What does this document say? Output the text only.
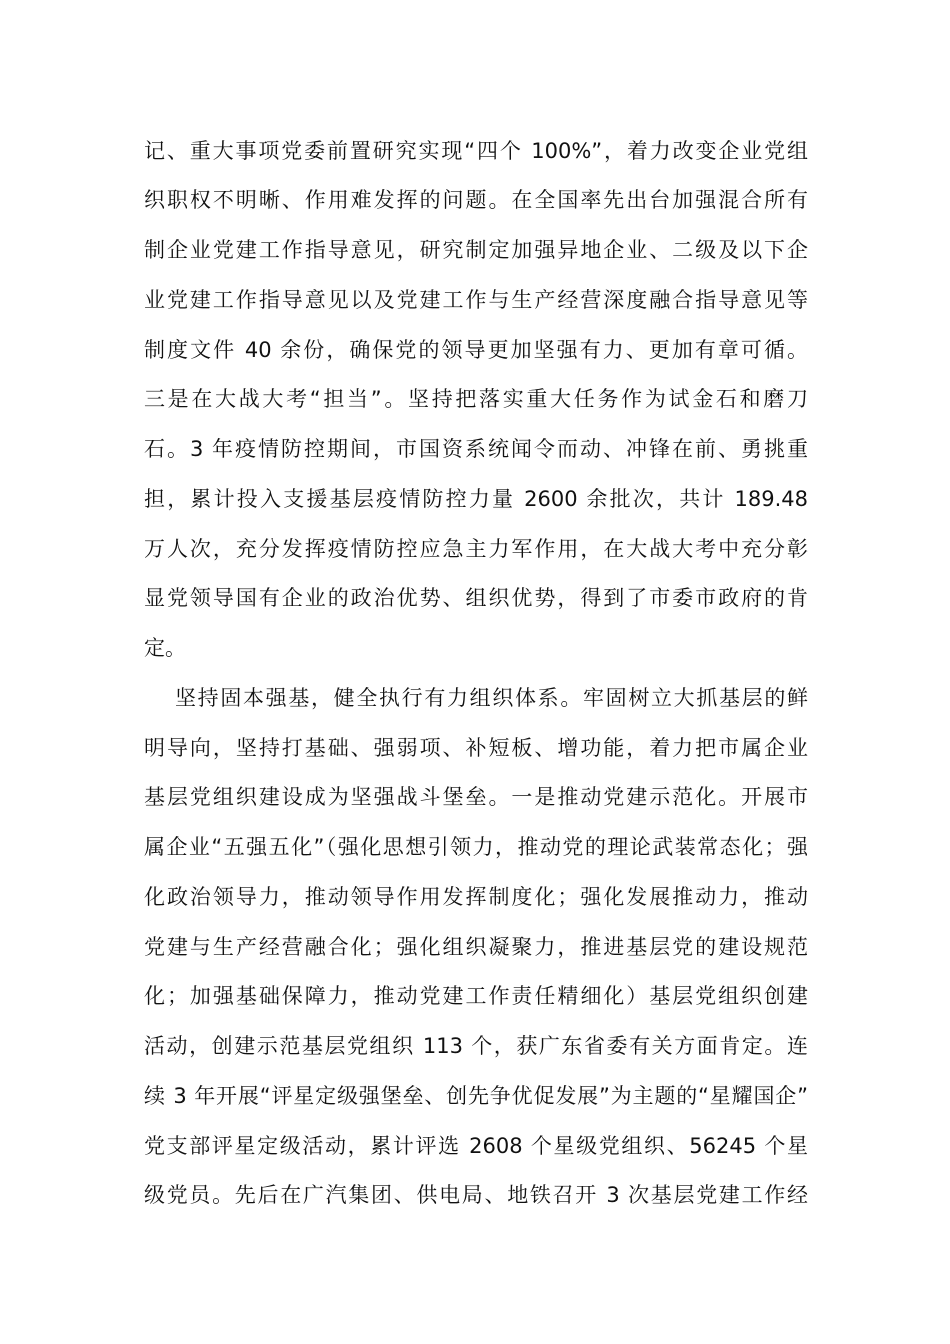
记、重大事项党委前置研究实现“四个 100%”，着力改变企业党组
织职权不明晰、作用难发挥的问题。在全国率先出台加强混合所有
制企业党建工作指导意见，研究制定加强异地企业、二级及以下企
业党建工作指导意见以及党建工作与生产经营深度融合指导意见等
制度文件 40 余份，确保党的领导更加坚强有力、更加有章可循。
三是在大战大考“担当”。坚持把落实重大任务作为试金石和磨刀
石。3 年疫情防控期间，市国资系统闻令而动、冲锋在前、勇挑重
担，累计投入支援基层疫情防控力量 2600 余批次，共计 189.48
万人次，充分发挥疫情防控应急主力军作用，在大战大考中充分彰
显党领导国有企业的政治优势、组织优势，得到了市委市政府的肯
定。
坚持固本强基，健全执行有力组织体系。牢固树立大抓基层的鲜
明导向，坚持打基础、强弱项、补短板、增功能，着力把市属企业
基层党组织建设成为坚强战斗堡垒。一是推动党建示范化。开展市
属企业“五强五化”（强化思想引领力，推动党的理论武装常态化；强
化政治领导力，推动领导作用发挥制度化；强化发展推动力，推动
党建与生产经营融合化；强化组织凝聚力，推进基层党的建设规范
化；加强基础保障力，推动党建工作责任精细化）基层党组织创建
活动，创建示范基层党组织 113 个，获广东省委有关方面肯定。连
续 3 年开展“评星定级强堡垒、创先争优促发展”为主题的“星耀国企”
党支部评星定级活动，累计评选 2608 个星级党组织、56245 个星
级党员。先后在广汽集团、供电局、地铁召开 3 次基层党建工作经
